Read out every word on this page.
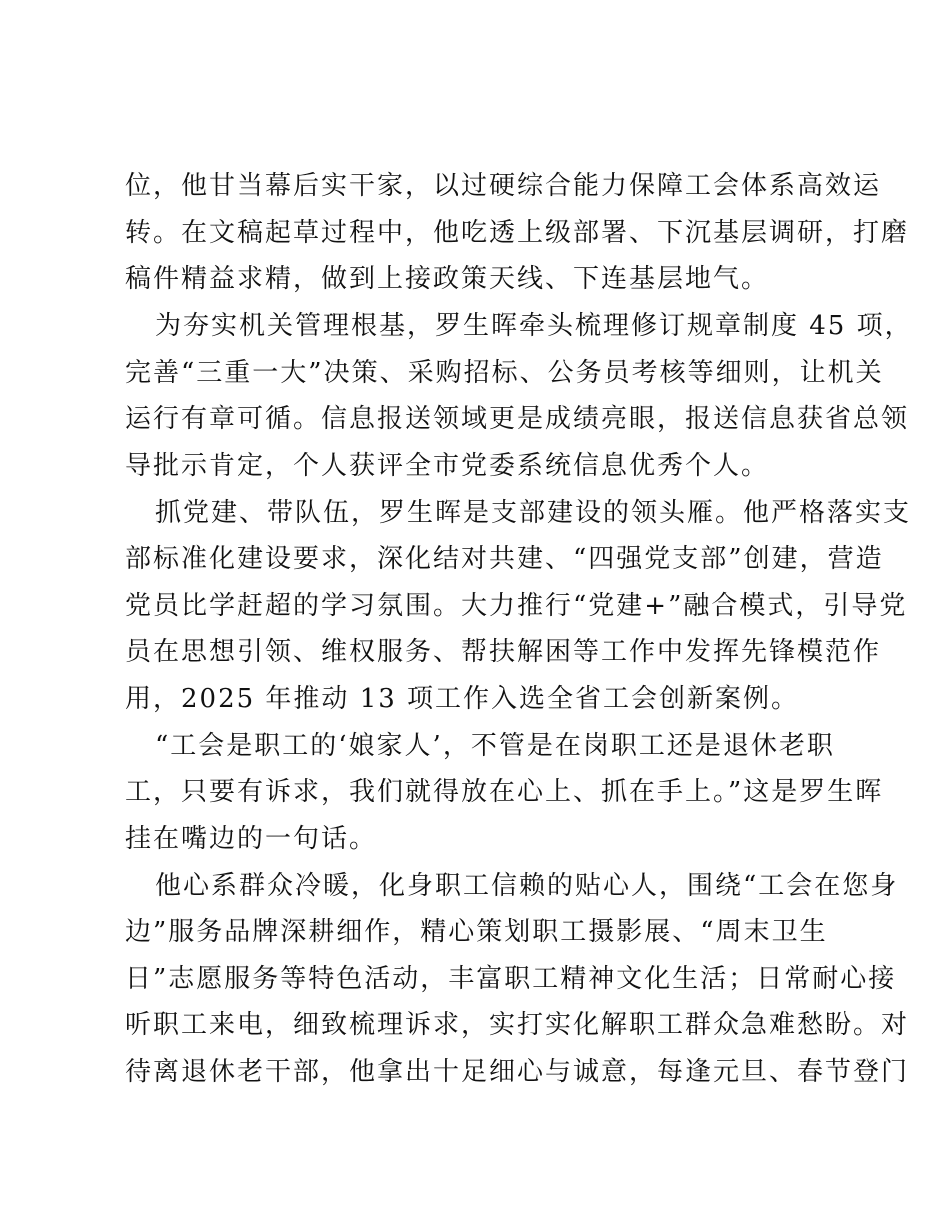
位，他甘当幕后实干家，以过硬综合能力保障工会体系高效运
转。在文稿起草过程中，他吃透上级部署、下沉基层调研，打磨
稿件精益求精，做到上接政策天线、下连基层地气。
为夯实机关管理根基，罗生晖牵头梳理修订规章制度 45 项，
完善“三重一大”决策、采购招标、公务员考核等细则，让机关
运行有章可循。信息报送领域更是成绩亮眼，报送信息获省总领
导批示肯定，个人获评全市党委系统信息优秀个人。
抓党建、带队伍，罗生晖是支部建设的领头雁。他严格落实支
部标准化建设要求，深化结对共建、“四强党支部”创建，营造
党员比学赶超的学习氛围。大力推行“党建+”融合模式，引导党
员在思想引领、维权服务、帮扶解困等工作中发挥先锋模范作
用，2025 年推动 13 项工作入选全省工会创新案例。
“工会是职工的‘娘家人’，不管是在岗职工还是退休老职
工，只要有诉求，我们就得放在心上、抓在手上。”这是罗生晖
挂在嘴边的一句话。
他心系群众冷暖，化身职工信赖的贴心人，围绕“工会在您身
边”服务品牌深耕细作，精心策划职工摄影展、“周末卫生
日”志愿服务等特色活动，丰富职工精神文化生活；日常耐心接
听职工来电，细致梳理诉求，实打实化解职工群众急难愁盼。对
待离退休老干部，他拿出十足细心与诚意，每逢元旦、春节登门
